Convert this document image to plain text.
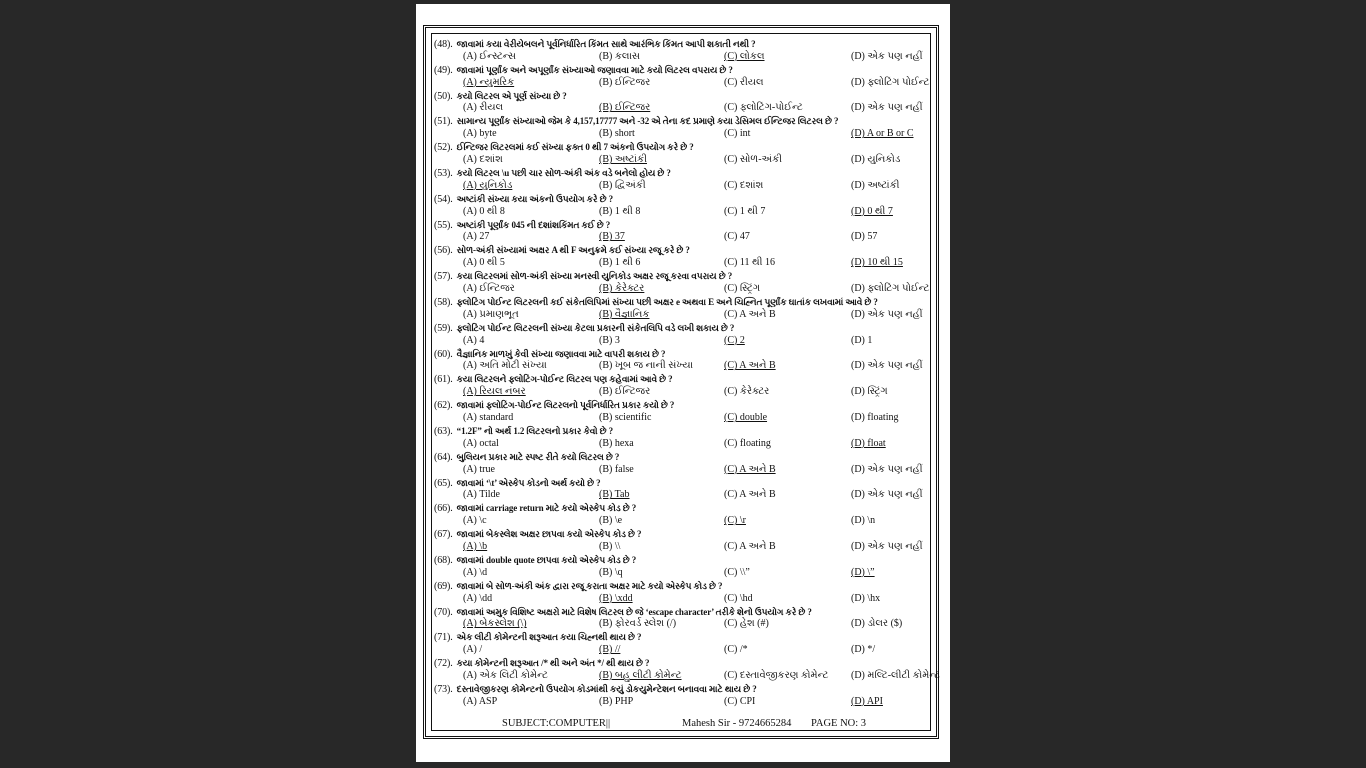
(48). જાવામાં કયા વેરીયેબલને પૂર્વનિર્ધારિત કિંમત સાથે આરંભિક કિંમત આપી શકાતી નથી ?
(A) ઈન્સ્ટન્સ	(B) કલાસ	(C) લોકલ	(D) એક પણ નહીં
(49). જાવામાં પૂર્ણાંક અને અપૂર્ણાંક સંખ્યાઓ જણાવવા માટે કયો લિટરલ વપરાય છે ?
(A) ન્યુમરિક	(B) ઈન્ટિજર	(C) રીયલ	(D) ફ્લોટિંગ પોઈન્ટ
(50). કયો લિટરલ એ પૂર્ણ સંખ્યા છે ?
(A) રીયલ	(B) ઈન્ટિજર	(C) ફ્લોટિંગ-પોઈન્ટ	(D) એક પણ નહીં
(51). સામાન્ય પૂર્ણાંક સંખ્યાઓ જેમ કે 4,157,17777 અને -32 એ તેના કદ પ્રમાણે કયા ડેસિમલ ઈન્ટિજર લિટરલ છે ?
(A) byte	(B) short	(C) int	(D) A or B or C
(52). ઈન્ટિજર લિટરલમાં કઈ સંખ્યા ફક્ત 0 થી 7 અંકનો ઉપયોગ કરે છે ?
(A) દશાંશ	(B) અષ્ટાંકી	(C) સોળ-અંકી	(D) યુનિકોડ
(53). કયો લિટરલ \u પછી ચાર સોળ-અંકી અંક વડે બનેલો હોય છે ?
(A) યુનિકોડ	(B) દ્વિઅંકી	(C) દશાંશ	(D) અષ્ટાંકી
(54). અષ્ટાંકી સંખ્યા કયા અંકનો ઉપયોગ કરે છે ?
(A) 0 થી 8	(B) 1 થી 8	(C) 1 થી 7	(D) 0 થી 7
(55). અષ્ટાંકી પૂર્ણાંક 045 ની દશાંશકિંમત કઈ છે ?
(A) 27	(B) 37	(C) 47	(D) 57
(56). સોળ-અંકી સંખ્યામાં અક્ષર A થી F અનુક્રમે કઈ સંખ્યા રજૂ કરે છે ?
(A) 0 થી 5	(B) 1 થી 6	(C) 11 થી 16	(D) 10 થી 15
(57). કયા લિટરલમાં સોળ-અંકી સંખ્યા મનસ્વી યુનિકોડ અક્ષર રજૂ કરવા વપરાય છે ?
(A) ઈન્ટિજર	(B) કેરેક્ટર	(C) સ્ટ્રિંગ	(D) ફ્લોટિંગ પોઈન્ટ
(58). ફ્લોટિંગ પોઈન્ટ લિટરલની કઈ સંકેતલિપિમાં સંખ્યા પછી અક્ષર e અથવા E અને ચિહ્નિત પૂર્ણાંક ઘાતાંક લખવામાં આવે છે ?
(A) પ્રમાણભૂત	(B) વૈજ્ઞાનિક	(C) A અને B	(D) એક પણ નહીં
(59). ફ્લોટિંગ પોઈન્ટ લિટરલની સંખ્યા કેટલા પ્રકારની સંકેતલિપિ વડે લખી શકાય છે ?
(A) 4	(B) 3	(C) 2	(D) 1
(60). વૈજ્ઞાનિક માળખું કેવી સંખ્યા જણાવવા માટે વાપરી શકાય છે ?
(A) અતિ મોટી સંખ્યા	(B) ખૂબ જ નાની સંખ્યા	(C) A અને B	(D) એક પણ નહીં
(61). કયા લિટરલને ફ્લોટિંગ-પોઈન્ટ લિટરલ પણ કહેવામાં આવે છે ?
(A) રિયલ નંબર	(B) ઈન્ટિજર	(C) કેરેક્ટર	(D) સ્ટ્રિંગ
(62). જાવામાં ફ્લોટિંગ-પોઈન્ટ લિટરલનો પૂર્વનિર્ધારિત પ્રકાર કયો છે ?
(A) standard	(B) scientific	(C) double	(D) floating
(63). “1.2F” નો અર્થ 1.2 લિટરલનો પ્રકાર કેવો છે ?
(A) octal	(B) hexa	(C) floating	(D) float
(64). બુલિયન પ્રકાર માટે સ્પષ્ટ રીતે કયો લિટરલ છે ?
(A) true	(B) false	(C) A અને B	(D) એક પણ નહીં
(65). જાવામાં ‘\t’ એસ્કેપ કોડનો અર્થ કયો છે ?
(A) Tilde	(B) Tab	(C) A અને B	(D) એક પણ નહીં
(66). જાવામાં carriage return માટે કયો એસ્કેપ કોડ છે ?
(A) \c	(B) \e	(C) \r	(D) \n
(67). જાવામાં બેકસ્લેશ અક્ષર છાપવા કયો એસ્કેપ કોડ છે ?
(A) \b	(B) \\	(C) A અને B	(D) એક પણ નહીં
(68). જાવામાં double quote છાપવા કયો એસ્કેપ કોડ છે ?
(A) \d	(B) \q	(C) \\”	(D) \”
(69). જાવામાં બે સોળ-અંકી અંક દ્વારા રજૂ કરાતા અક્ષર માટે કયો એસ્કેપ કોડ છે ?
(A) \dd	(B) \xdd	(C) \hd	(D) \hx
(70). જાવામાં અમુક વિશિષ્ટ અક્ષરો માટે વિશેષ લિટરલ છે જે ‘escape character’ તરીકે શેનો ઉપયોગ કરે છે ?
(A) બેકસ્લેશ (\)	(B) ફોરવર્ડ સ્લેશ (/)	(C) હેશ (#)	(D) ડોલર ($)
(71). એક લીટી કોમેન્ટની શરૂઆત કયા ચિહ્નથી થાય છે ?
(A) /	(B) //	(C) /*	(D) */
(72). કયા કોમેન્ટની શરૂઆત /* થી અને અંત */ થી થાય છે ?
(A) એક લિટી કોમેન્ટ	(B) બહુ લીટી કોમેન્ટ	(C) દસ્તાવેજીકરણ કોમેન્ટ (D) મલ્ટિ-લીટી કોમેન્ટ
(73). દસ્તાવેજીકરણ કોમેન્ટનો ઉપયોગ કોડમાંથી કયું ડોકયુમેન્ટેશન બનાવવા માટે થાય છે ?
(A) ASP	(B) PHP	(C) CPI	(D) API
SUBJECT:COMPUTER||	Mahesh Sir - 9724665284 PAGE NO: 3
